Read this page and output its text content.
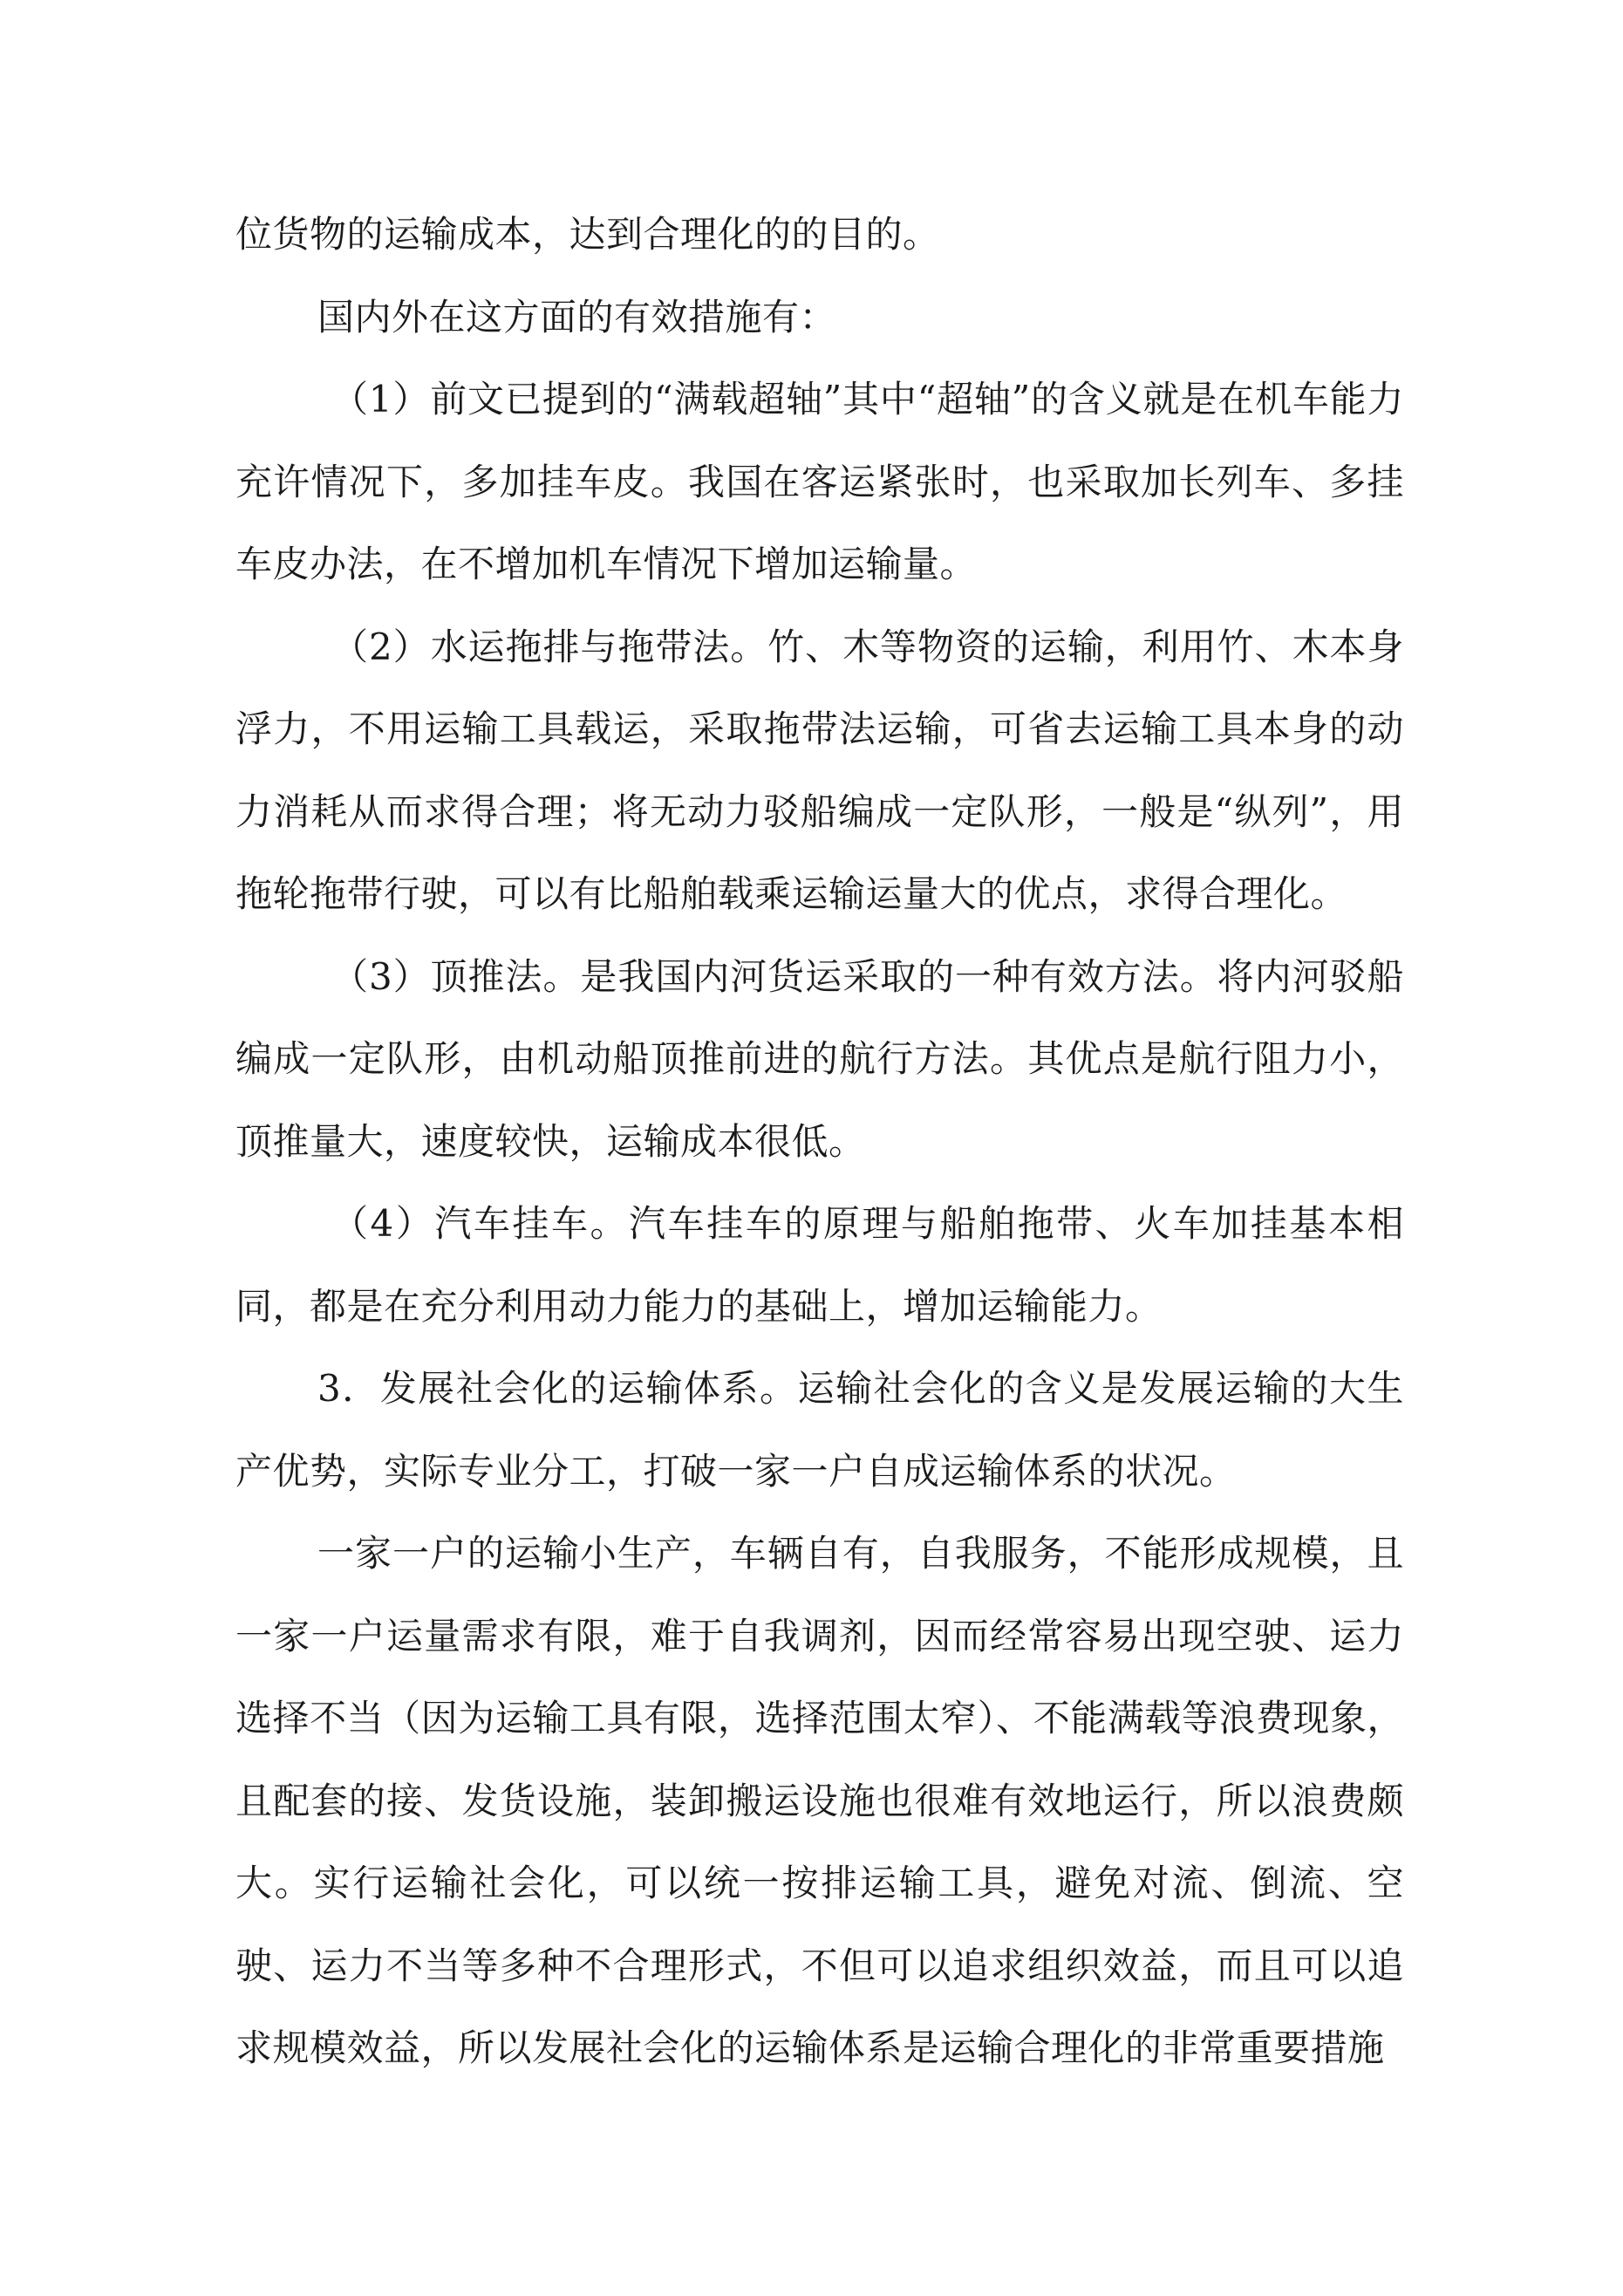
位货物的运输成本，达到合理化的的目的。

国内外在这方面的有效措施有：

（1）前文已提到的“满载超轴”其中“超轴”的含义就是在机车能力充许情况下，多加挂车皮。我国在客运紧张时，也采取加长列车、多挂车皮办法，在不增加机车情况下增加运输量。

（2）水运拖排与拖带法。竹、木等物资的运输，利用竹、木本身浮力，不用运输工具载运，采取拖带法运输，可省去运输工具本身的动力消耗从而求得合理；将无动力驳船编成一定队形，一般是“纵列”，用拖轮拖带行驶，可以有比船舶载乘运输运量大的优点，求得合理化。

（3）顶推法。是我国内河货运采取的一种有效方法。将内河驳船编成一定队形，由机动船顶推前进的航行方法。其优点是航行阻力小，顶推量大，速度较快，运输成本很低。

（4）汽车挂车。汽车挂车的原理与船舶拖带、火车加挂基本相同，都是在充分利用动力能力的基础上，增加运输能力。

3．发展社会化的运输体系。运输社会化的含义是发展运输的大生产优势，实际专业分工，打破一家一户自成运输体系的状况。

一家一户的运输小生产，车辆自有，自我服务，不能形成规模，且一家一户运量需求有限，难于自我调剂，因而经常容易出现空驶、运力选择不当（因为运输工具有限，选择范围太窄）、不能满载等浪费现象，且配套的接、发货设施，装卸搬运设施也很难有效地运行，所以浪费颇大。实行运输社会化，可以统一按排运输工具，避免对流、倒流、空驶、运力不当等多种不合理形式，不但可以追求组织效益，而且可以追求规模效益，所以发展社会化的运输体系是运输合理化的非常重要措施
